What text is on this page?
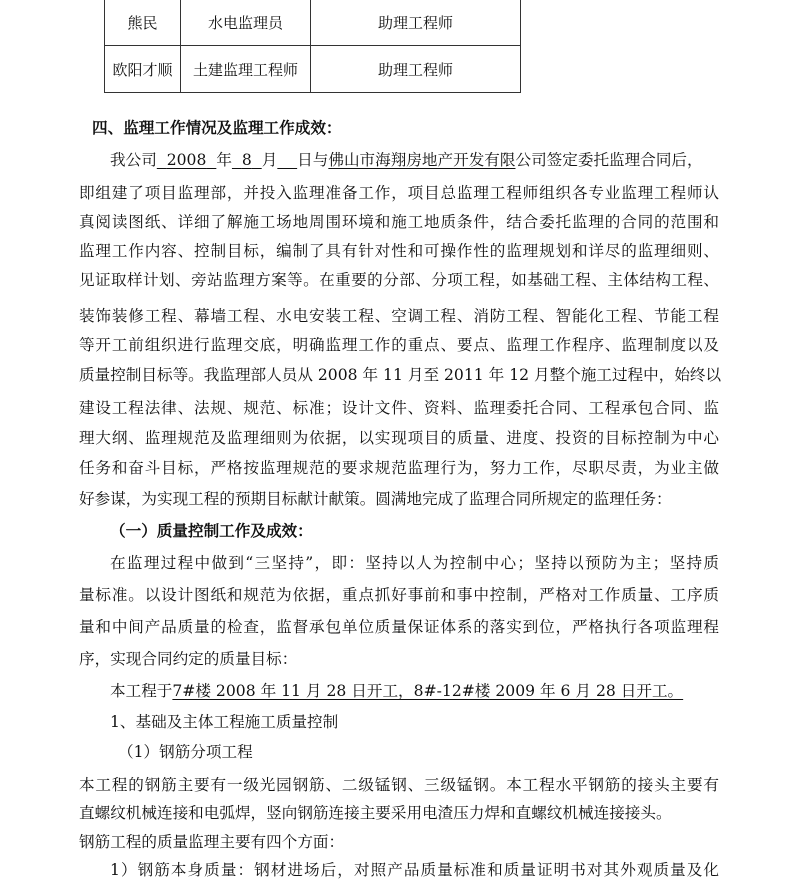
熊民	水电监理员	助理工程师
欧阳才顺	土建监理工程师	助理工程师
四、监理工作情况及监理工作成效：
我公司 2008 年 8 月 日与佛山市海翔房地产开发有限公司签定委托监理合同后，
即组建了项目监理部，并投入监理准备工作，项目总监理工程师组织各专业监理工程师认
真阅读图纸、详细了解施工场地周围环境和施工地质条件，结合委托监理的合同的范围和
监理工作内容、控制目标，编制了具有针对性和可操作性的监理规划和详尽的监理细则、
见证取样计划、旁站监理方案等。在重要的分部、分项工程，如基础工程、主体结构工程、
装饰装修工程、幕墙工程、水电安装工程、空调工程、消防工程、智能化工程、节能工程
等开工前组织进行监理交底，明确监理工作的重点、要点、监理工作程序、监理制度以及
质量控制目标等。我监理部人员从 2008 年 11 月至 2011 年 12 月整个施工过程中，始终以
建设工程法律、法规、规范、标准；设计文件、资料、监理委托合同、工程承包合同、监
理大纲、监理规范及监理细则为依据，以实现项目的质量、进度、投资的目标控制为中心
任务和奋斗目标，严格按监理规范的要求规范监理行为，努力工作，尽职尽责，为业主做
好参谋，为实现工程的预期目标献计献策。圆满地完成了监理合同所规定的监理任务：
（一）质量控制工作及成效：
在监理过程中做到“三坚持”，即：坚持以人为控制中心；坚持以预防为主；坚持质
量标准。以设计图纸和规范为依据，重点抓好事前和事中控制，严格对工作质量、工序质
量和中间产品质量的检查，监督承包单位质量保证体系的落实到位，严格执行各项监理程
序，实现合同约定的质量目标：
本工程于7#楼 2008 年 11 月 28 日开工，8#-12#楼 2009 年 6 月 28 日开工。
1、基础及主体工程施工质量控制
（1）钢筋分项工程
本工程的钢筋主要有一级光园钢筋、二级锰钢、三级锰钢。本工程水平钢筋的接头主要有
直螺纹机械连接和电弧焊，竖向钢筋连接主要采用电渣压力焊和直螺纹机械连接接头。
钢筋工程的质量监理主要有四个方面：
1）钢筋本身质量：钢材进场后，对照产品质量标准和质量证明书对其外观质量及化
